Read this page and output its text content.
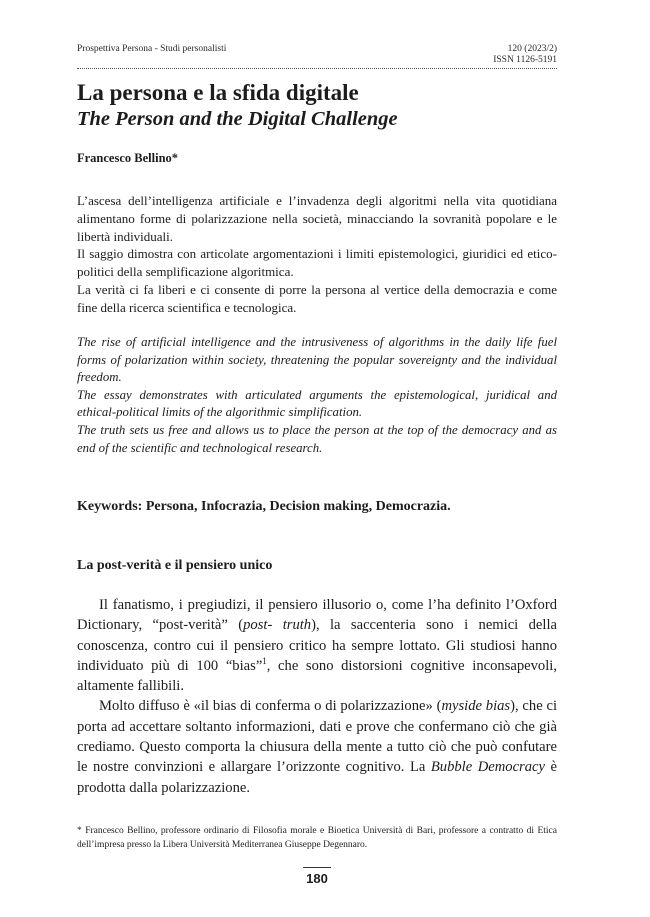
Prospettiva Persona - Studi personalisti	120 (2023/2)
ISSN 1126-5191
La persona e la sfida digitale
The Person and the Digital Challenge
Francesco Bellino*

L’ascesa dell’intelligenza artificiale e l’invadenza degli algoritmi nella vita quotidiana alimentano forme di polarizzazione nella società, minacciando la sovranità popolare e le libertà individuali.

Il saggio dimostra con articolate argomentazioni i limiti epistemologici, giuridici ed etico-politici della semplificazione algoritmica.

La verità ci fa liberi e ci consente di porre la persona al vertice della democrazia e come fine della ricerca scientifica e tecnologica.

The rise of artificial intelligence and the intrusiveness of algorithms in the daily life fuel forms of polarization within society, threatening the popular sovereignty and the individual freedom.

The essay demonstrates with articulated arguments the epistemological, juridical and ethical-political limits of the algorithmic simplification.

The truth sets us free and allows us to place the person at the top of the democracy and as end of the scientific and technological research.

Keywords: Persona, Infocrazia, Decision making, Democrazia.

La post-verità e il pensiero unico

Il fanatismo, i pregiudizi, il pensiero illusorio o, come l’ha definito l’Oxford Dictionary, “post-verità” (post- truth), la saccenteria sono i nemici della conoscenza, contro cui il pensiero critico ha sempre lottato. Gli studiosi hanno individuato più di 100 “bias”$^1$, che sono distorsioni cognitive inconsapevoli, altamente fallibili.

Molto diffuso è «il bias di conferma o di polarizzazione» (myside bias), che ci porta ad accettare soltanto informazioni, dati e prove che confermano ciò che già crediamo. Questo comporta la chiusura della mente a tutto ciò che può confutare le nostre convinzioni e allargare l’orizzonte cognitivo. La Bubble Democracy è prodotta dalla polarizzazione.

* Francesco Bellino, professore ordinario di Filosofia morale e Bioetica Università di Bari, professore a contratto di Etica dell’impresa presso la Libera Università Mediterranea Giuseppe Degennaro.
180
